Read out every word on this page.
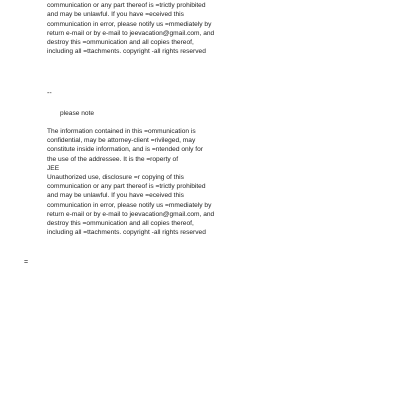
communication or any part thereof is =trictly prohibited
and may be unlawful. If you have =eceived this
communication in error, please notify us =mmediately by
return e-mail or by e-mail to jeevacation@gmail.com, and
destroy this =ommunication and all copies thereof,
including all =ttachments. copyright -all rights reserved
--
please note
The information contained in this =ommunication is
confidential, may be attorney-client =rivileged, may
constitute inside information, and is =ntended only for
the use of the addressee. It is the =roperty of
JEE
Unauthorized use, disclosure =r copying of this
communication or any part thereof is =trictly prohibited
and may be unlawful. If you have =eceived this
communication in error, please notify us =mmediately by
return e-mail or by e-mail to jeevacation@gmail.com, and
destroy this =ommunication and all copies thereof,
including all =ttachments. copyright -all rights reserved
=
